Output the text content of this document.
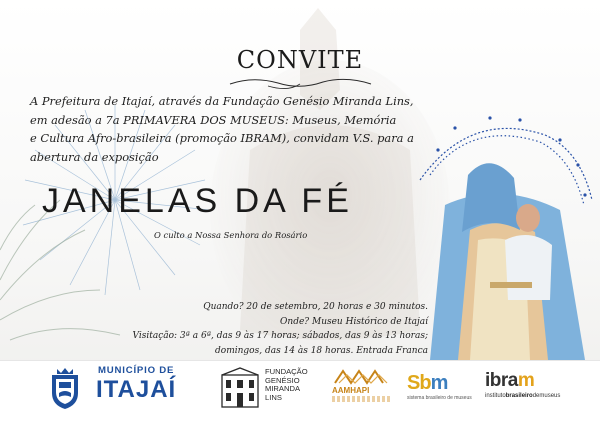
convite
A Prefeitura de Itajaí, através da Fundação Genésio Miranda Lins,
em adesão a 7a PRIMAVERA DOS MUSEUS: Museus, Memória
e Cultura Afro-brasileira (promoção IBRAM), convidam V.S. para a
abertura da exposição
JANELAS DA FÉ
O culto a Nossa Senhora do Rosário
Quando? 20 de setembro, 20 horas e 30 minutos.
Onde? Museu Histórico de Itajaí
Visitação: 3ª a 6ª, das 9 às 17 horas; sábados, das 9 às 13 horas;
domingos, das 14 às 18 horas. Entrada Franca
MUNICÍPIO DE
ITAJAÍ
FUNDAÇÃO
GENÉSIO
MIRANDA
LINS
AAMHAPI Sbm
sistema brasileiro de museus
ibram
institutobrasileirodemuseus
